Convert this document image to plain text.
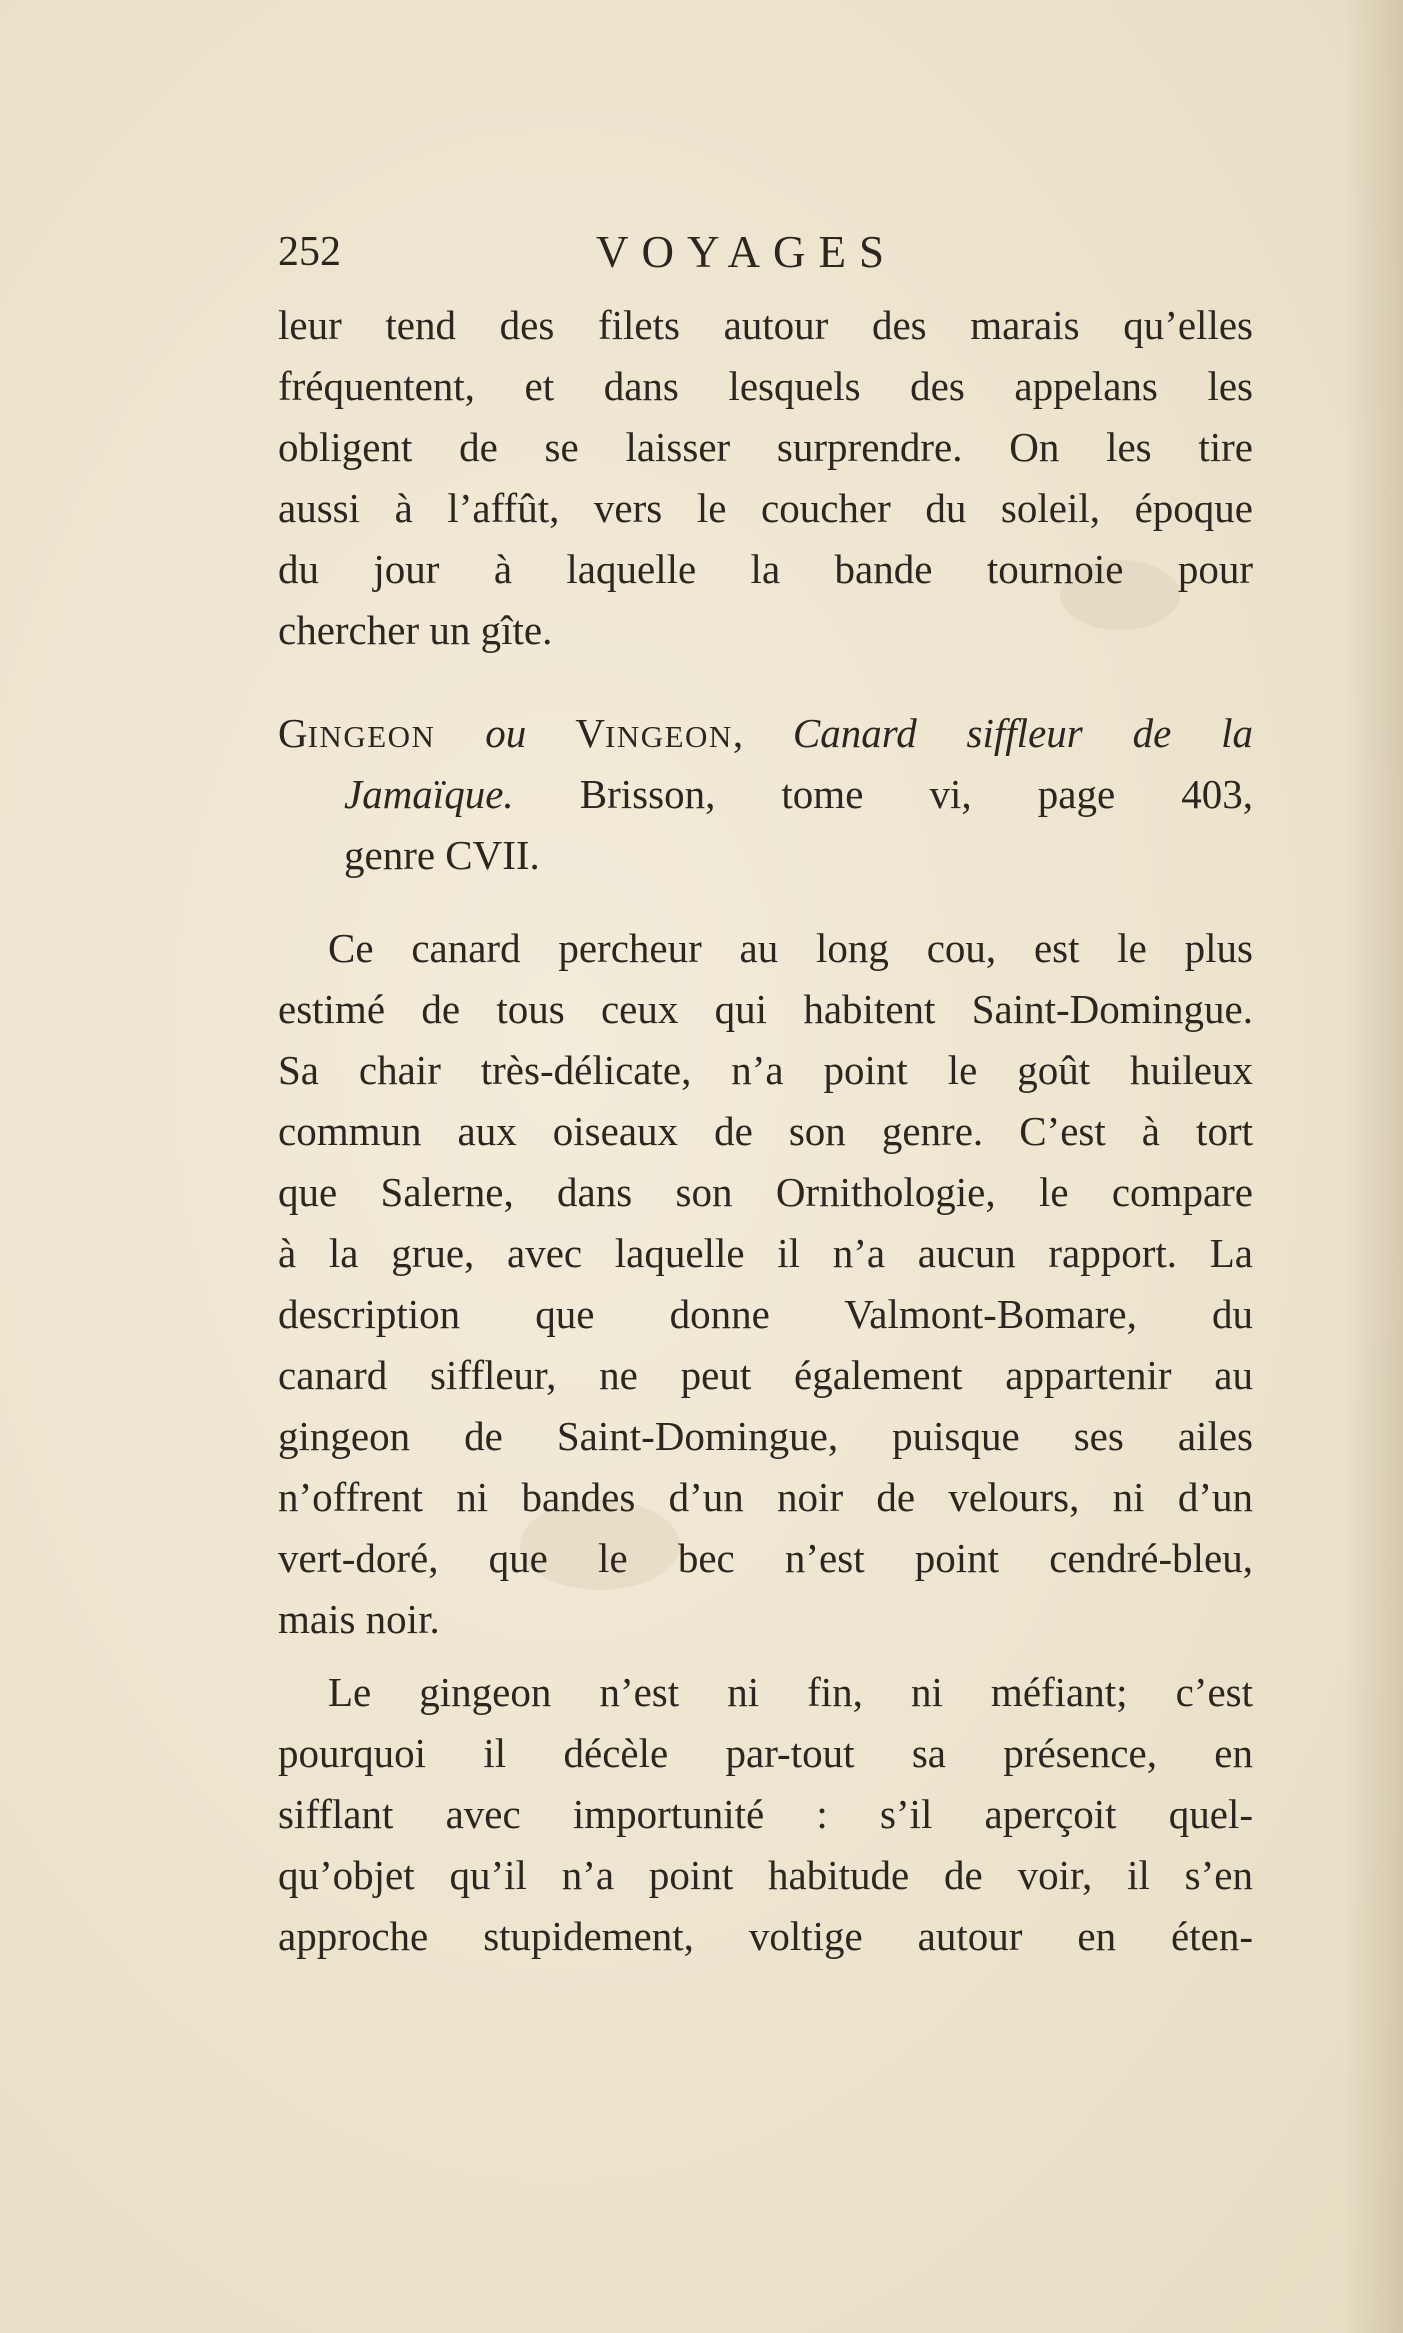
252	VOYAGES
leur tend des filets autour des marais qu’elles
fréquentent, et dans lesquels des appelans les
obligent de se laisser surprendre. On les tire
aussi à l’affût, vers le coucher du soleil, époque
du jour à laquelle la bande tournoie pour
chercher un gîte.
GINGEON ou VINGEON, Canard siffleur de la
Jamaïque. Brisson, tome vi, page 403,
genre CVII.
Ce canard percheur au long cou, est le plus
estimé de tous ceux qui habitent Saint-Domingue.
Sa chair très-délicate, n’a point le goût huileux
commun aux oiseaux de son genre. C’est à tort
que Salerne, dans son Ornithologie, le compare
à la grue, avec laquelle il n’a aucun rapport. La
description que donne Valmont-Bomare, du
canard siffleur, ne peut également appartenir au
gingeon de Saint-Domingue, puisque ses ailes
n’offrent ni bandes d’un noir de velours, ni d’un
vert-doré, que le bec n’est point cendré-bleu,
mais noir.
Le gingeon n’est ni fin, ni méfiant; c’est
pourquoi il décèle par-tout sa présence, en
sifflant avec importunité : s’il aperçoit quel-
qu’objet qu’il n’a point habitude de voir, il s’en
approche stupidement, voltige autour en éten-
